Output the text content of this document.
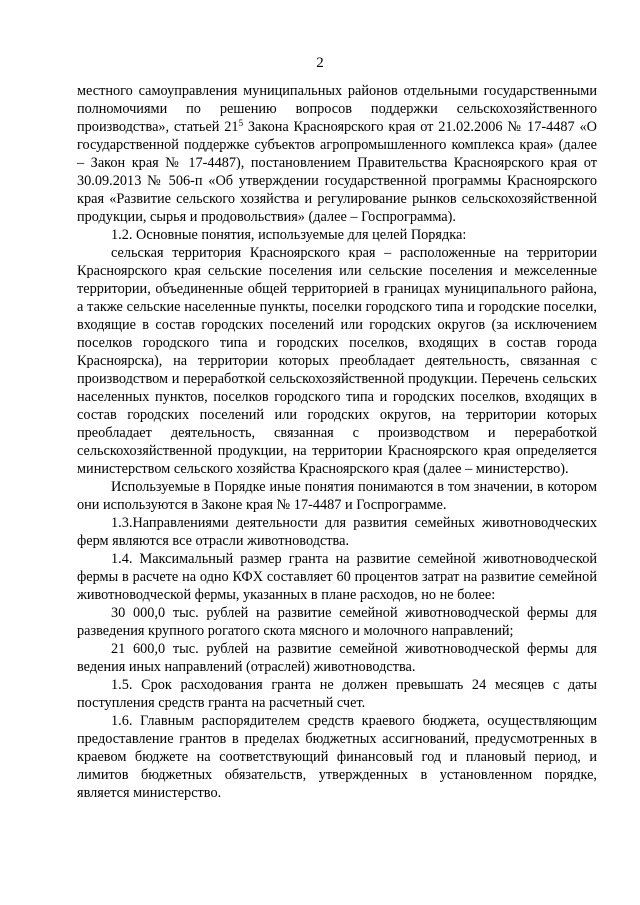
2

местного самоуправления муниципальных районов отдельными государственными полномочиями по решению вопросов поддержки сельскохозяйственного производства», статьей $21^5$ Закона Красноярского края от 21.02.2006 № 17-4487 «О государственной поддержке субъектов агропромышленного комплекса края» (далее – Закон края № 17-4487), постановлением Правительства Красноярского края от 30.09.2013 № 506-п «Об утверждении государственной программы Красноярского края «Развитие сельского хозяйства и регулирование рынков сельскохозяйственной продукции, сырья и продовольствия» (далее – Госпрограмма).

1.2. Основные понятия, используемые для целей Порядка:

сельская территория Красноярского края – расположенные на территории Красноярского края сельские поселения или сельские поселения и межселенные территории, объединенные общей территорией в границах муниципального района, а также сельские населенные пункты, поселки городского типа и городские поселки, входящие в состав городских поселений или городских округов (за исключением поселков городского типа и городских поселков, входящих в состав города Красноярска), на территории которых преобладает деятельность, связанная с производством и переработкой сельскохозяйственной продукции. Перечень сельских населенных пунктов, поселков городского типа и городских поселков, входящих в состав городских поселений или городских округов, на территории которых преобладает деятельность, связанная с производством и переработкой сельскохозяйственной продукции, на территории Красноярского края определяется министерством сельского хозяйства Красноярского края (далее – министерство).

Используемые в Порядке иные понятия понимаются в том значении, в котором они используются в Законе края № 17-4487 и Госпрограмме.

1.3.Направлениями деятельности для развития семейных животноводческих ферм являются все отрасли животноводства.

1.4. Максимальный размер гранта на развитие семейной животноводческой фермы в расчете на одно КФХ составляет 60 процентов затрат на развитие семейной животноводческой фермы, указанных в плане расходов, но не более:

30 000,0 тыс. рублей на развитие семейной животноводческой фермы для разведения крупного рогатого скота мясного и молочного направлений;

21 600,0 тыс. рублей на развитие семейной животноводческой фермы для ведения иных направлений (отраслей) животноводства.

1.5. Срок расходования гранта не должен превышать 24 месяцев с даты поступления средств гранта на расчетный счет.

1.6. Главным распорядителем средств краевого бюджета, осуществляющим предоставление грантов в пределах бюджетных ассигнований, предусмотренных в краевом бюджете на соответствующий финансовый год и плановый период, и лимитов бюджетных обязательств, утвержденных в установленном порядке, является министерство.
